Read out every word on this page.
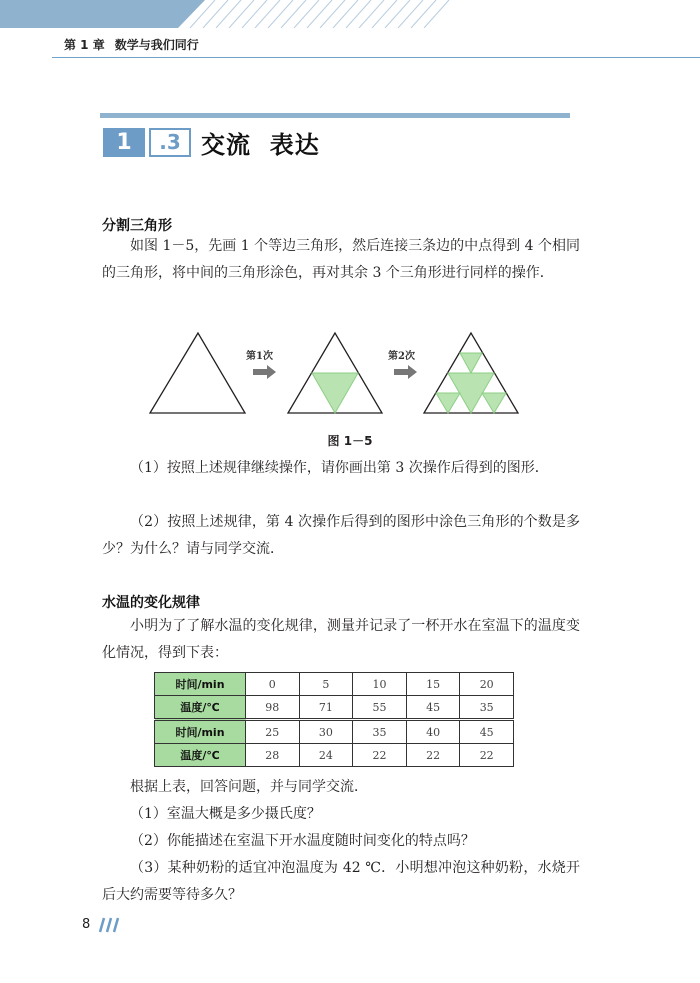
第 1 章 数学与我们同行
1	.3 交流  表达
分割三角形
如图 1－5，先画 1 个等边三角形，然后连接三条边的中点得到 4 个相同的三角形，将中间的三角形涂色，再对其余 3 个三角形进行同样的操作．
第1次	第2次
图 1－5
（1）按照上述规律继续操作，请你画出第 3 次操作后得到的图形．
（2）按照上述规律，第 4 次操作后得到的图形中涂色三角形的个数是多少？为什么？请与同学交流．
水温的变化规律
小明为了了解水温的变化规律，测量并记录了一杯开水在室温下的温度变化情况，得到下表：
时间/min	0	5	10	15	20
温度/℃	98	71	55	45	35
时间/min	25	30	35	40	45
温度/℃	28	24	22	22	22
根据上表，回答问题，并与同学交流．
（1）室温大概是多少摄氏度？
（2）你能描述在室温下开水温度随时间变化的特点吗？
（3）某种奶粉的适宜冲泡温度为 42 ℃．小明想冲泡这种奶粉，水烧开后大约需要等待多久？
8
